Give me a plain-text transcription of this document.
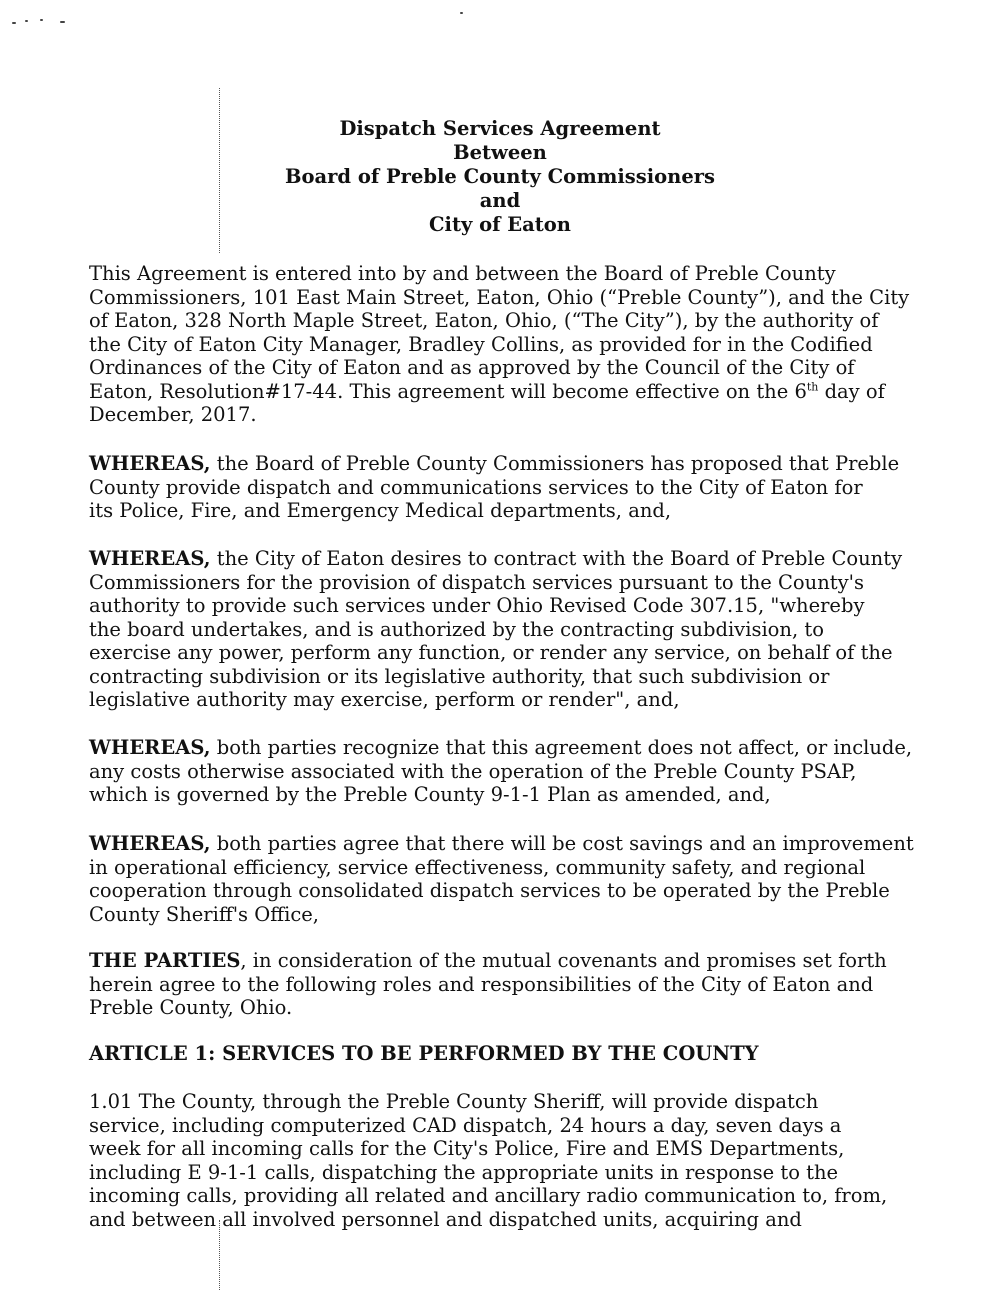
Dispatch Services Agreement
Between
Board of Preble County Commissioners
and
City of Eaton
This Agreement is entered into by and between the Board of Preble County
Commissioners, 101 East Main Street, Eaton, Ohio (“Preble County”), and the City
of Eaton, 328 North Maple Street, Eaton, Ohio, (“The City”), by the authority of
the City of Eaton City Manager, Bradley Collins, as provided for in the Codified
Ordinances of the City of Eaton and as approved by the Council of the City of
Eaton, Resolution#17-44. This agreement will become effective on the 6th day of
December, 2017.
WHEREAS, the Board of Preble County Commissioners has proposed that Preble
County provide dispatch and communications services to the City of Eaton for
its Police, Fire, and Emergency Medical departments, and,
WHEREAS, the City of Eaton desires to contract with the Board of Preble County
Commissioners for the provision of dispatch services pursuant to the County's
authority to provide such services under Ohio Revised Code 307.15, "whereby
the board undertakes, and is authorized by the contracting subdivision, to
exercise any power, perform any function, or render any service, on behalf of the
contracting subdivision or its legislative authority, that such subdivision or
legislative authority may exercise, perform or render", and,
WHEREAS, both parties recognize that this agreement does not affect, or include,
any costs otherwise associated with the operation of the Preble County PSAP,
which is governed by the Preble County 9-1-1 Plan as amended, and,
WHEREAS, both parties agree that there will be cost savings and an improvement
in operational efficiency, service effectiveness, community safety, and regional
cooperation through consolidated dispatch services to be operated by the Preble
County Sheriff's Office,
THE PARTIES, in consideration of the mutual covenants and promises set forth
herein agree to the following roles and responsibilities of the City of Eaton and
Preble County, Ohio.
ARTICLE 1: SERVICES TO BE PERFORMED BY THE COUNTY
1.01 The County, through the Preble County Sheriff, will provide dispatch
service, including computerized CAD dispatch, 24 hours a day, seven days a
week for all incoming calls for the City's Police, Fire and EMS Departments,
including E 9-1-1 calls, dispatching the appropriate units in response to the
incoming calls, providing all related and ancillary radio communication to, from,
and between all involved personnel and dispatched units, acquiring and
